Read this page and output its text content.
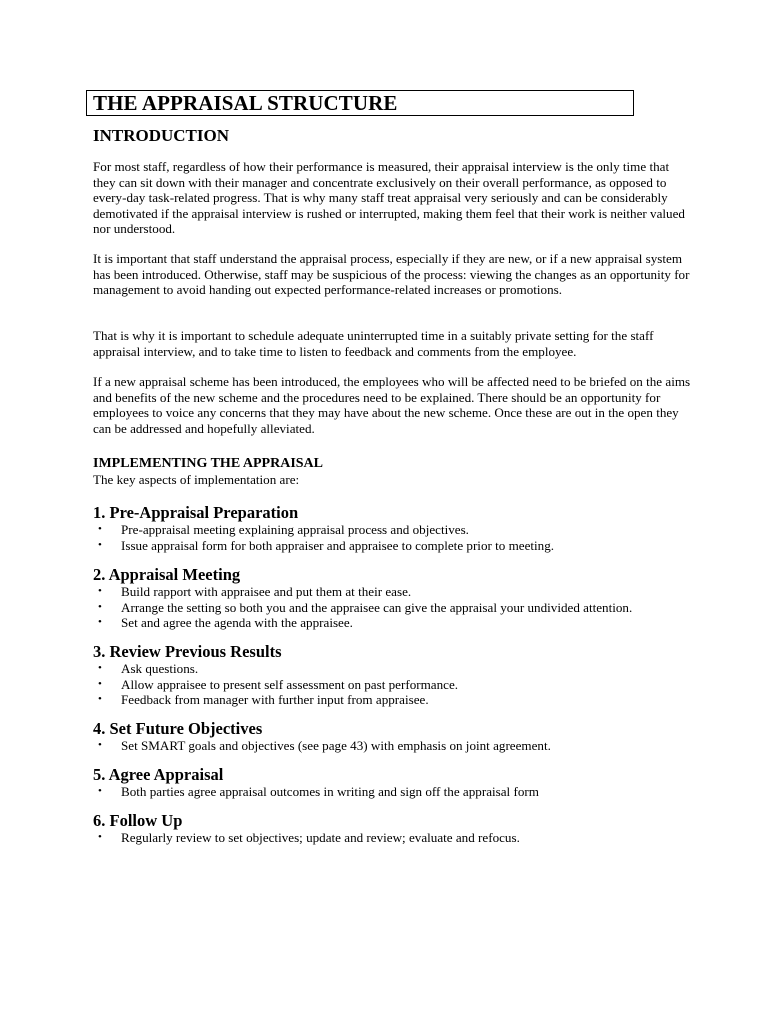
THE APPRAISAL STRUCTURE
INTRODUCTION

For most staff, regardless of how their performance is measured, their appraisal interview is the only time that they can sit down with their manager and concentrate exclusively on their overall performance, as opposed to every-day task-related progress. That is why many staff treat appraisal very seriously and can be considerably demotivated if the appraisal interview is rushed or interrupted, making them feel that their work is neither valued nor understood.

It is important that staff understand the appraisal process, especially if they are new, or if a new appraisal system has been introduced. Otherwise, staff may be suspicious of the process: viewing the changes as an opportunity for management to avoid handing out expected performance-related increases or promotions.

That is why it is important to schedule adequate uninterrupted time in a suitably private setting for the staff appraisal interview, and to take time to listen to feedback and comments from the employee.

If a new appraisal scheme has been introduced, the employees who will be affected need to be briefed on the aims and benefits of the new scheme and the procedures need to be explained. There should be an opportunity for employees to voice any concerns that they may have about the new scheme. Once these are out in the open they can be addressed and hopefully alleviated.

IMPLEMENTING THE APPRAISAL

The key aspects of implementation are:

1. Pre-Appraisal Preparation
• Pre-appraisal meeting explaining appraisal process and objectives.
• Issue appraisal form for both appraiser and appraisee to complete prior to meeting.
2. Appraisal Meeting
• Build rapport with appraisee and put them at their ease.
• Arrange the setting so both you and the appraisee can give the appraisal your undivided attention.
• Set and agree the agenda with the appraisee.
3. Review Previous Results
• Ask questions.
• Allow appraisee to present self assessment on past performance.
• Feedback from manager with further input from appraisee.
4. Set Future Objectives
• Set SMART goals and objectives (see page 43) with emphasis on joint agreement.
5. Agree Appraisal
• Both parties agree appraisal outcomes in writing and sign off the appraisal form
6. Follow Up
• Regularly review to set objectives; update and review; evaluate and refocus.
